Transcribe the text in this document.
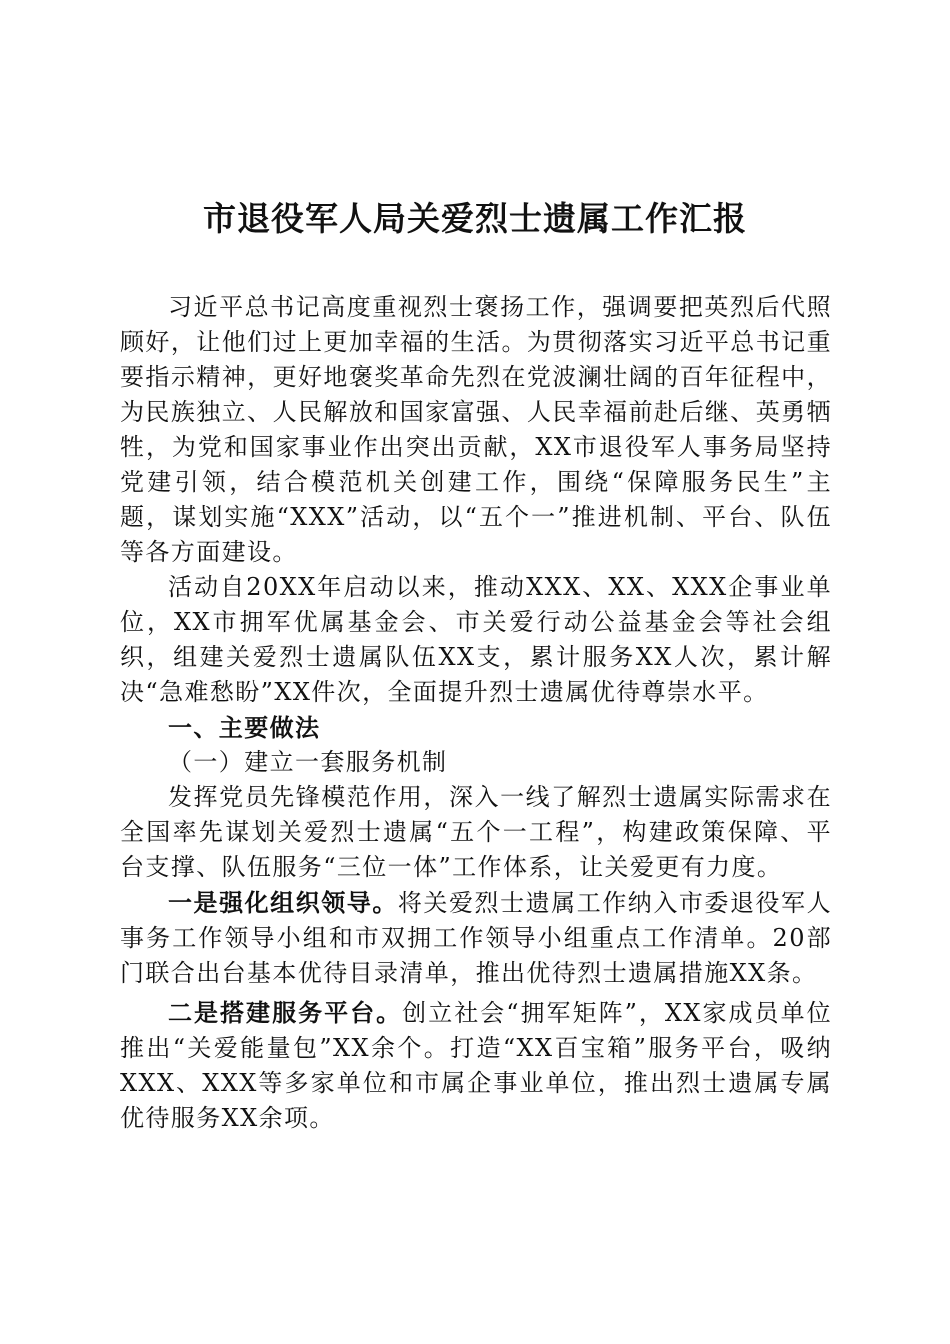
市退役军人局关爱烈士遗属工作汇报

习近平总书记高度重视烈士褒扬工作，强调要把英烈后代照顾好，让他们过上更加幸福的生活。为贯彻落实习近平总书记重要指示精神，更好地褒奖革命先烈在党波澜壮阔的百年征程中，为民族独立、人民解放和国家富强、人民幸福前赴后继、英勇牺牲，为党和国家事业作出突出贡献，XX市退役军人事务局坚持党建引领，结合模范机关创建工作，围绕“保障服务民生”主题，谋划实施“XXX”活动，以“五个一”推进机制、平台、队伍等各方面建设。

活动自20XX年启动以来，推动XXX、XX、XXX企事业单位，XX市拥军优属基金会、市关爱行动公益基金会等社会组织，组建关爱烈士遗属队伍XX支，累计服务XX人次，累计解决“急难愁盼”XX件次，全面提升烈士遗属优待尊崇水平。

一、主要做法
（一）建立一套服务机制

发挥党员先锋模范作用，深入一线了解烈士遗属实际需求在全国率先谋划关爱烈士遗属“五个一工程”，构建政策保障、平台支撑、队伍服务“三位一体”工作体系，让关爱更有力度。

一是强化组织领导。将关爱烈士遗属工作纳入市委退役军人事务工作领导小组和市双拥工作领导小组重点工作清单。20部门联合出台基本优待目录清单，推出优待烈士遗属措施XX条。

二是搭建服务平台。创立社会“拥军矩阵”，XX家成员单位推出“关爱能量包”XX余个。打造“XX百宝箱”服务平台，吸纳XXX、XXX等多家单位和市属企事业单位，推出烈士遗属专属优待服务XX余项。
